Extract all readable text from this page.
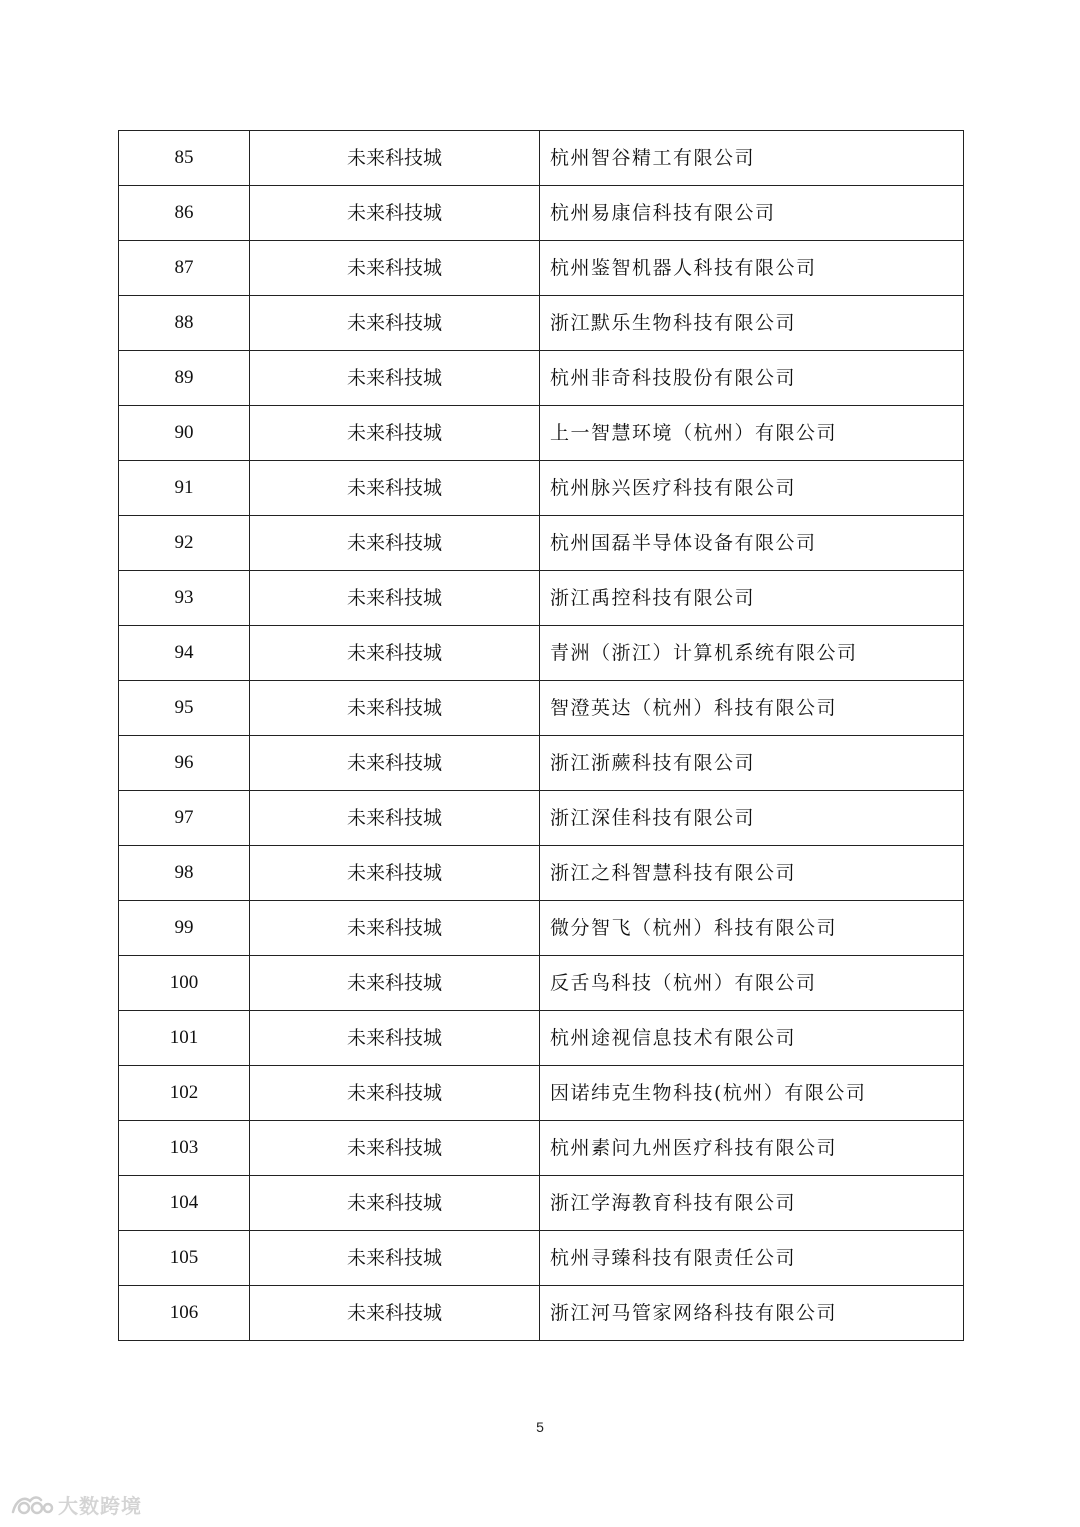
85	未来科技城	杭州智谷精工有限公司
86	未来科技城	杭州易康信科技有限公司
87	未来科技城	杭州鉴智机器人科技有限公司
88	未来科技城	浙江默乐生物科技有限公司
89	未来科技城	杭州非奇科技股份有限公司
90	未来科技城	上一智慧环境（杭州）有限公司
91	未来科技城	杭州脉兴医疗科技有限公司
92	未来科技城	杭州国磊半导体设备有限公司
93	未来科技城	浙江禹控科技有限公司
94	未来科技城	青洲（浙江）计算机系统有限公司
95	未来科技城	智澄英达（杭州）科技有限公司
96	未来科技城	浙江浙蕨科技有限公司
97	未来科技城	浙江深佳科技有限公司
98	未来科技城	浙江之科智慧科技有限公司
99	未来科技城	微分智飞（杭州）科技有限公司
100	未来科技城	反舌鸟科技（杭州）有限公司
101	未来科技城	杭州途视信息技术有限公司
102	未来科技城	因诺纬克生物科技(杭州）有限公司
103	未来科技城	杭州素问九州医疗科技有限公司
104	未来科技城	浙江学海教育科技有限公司
105	未来科技城	杭州寻臻科技有限责任公司
106	未来科技城	浙江河马管家网络科技有限公司
5
大数跨境
